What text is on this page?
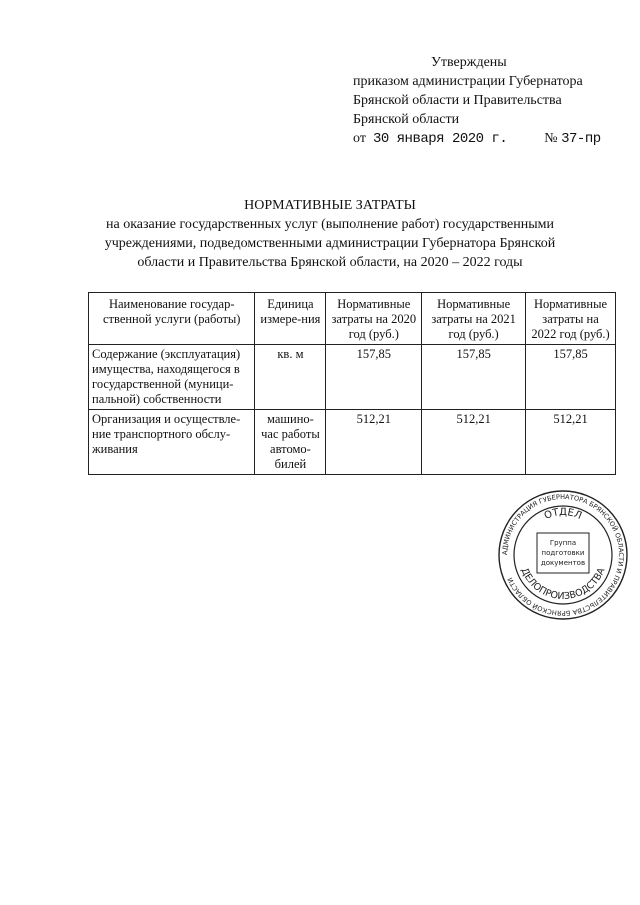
Утверждены
приказом администрации Губернатора
Брянской области и Правительства
Брянской области
от 30 января 2020 г.	№ 37-пр
НОРМАТИВНЫЕ ЗАТРАТЫ
на оказание государственных услуг (выполнение работ) государственными
учреждениями, подведомственными администрации Губернатора Брянской
области и Правительства Брянской области, на 2020 – 2022 годы
Наименование государ-ственной услуги (работы)	Единица измере-ния	Нормативные затраты на 2020 год (руб.)	Нормативные затраты на 2021 год (руб.)	Нормативные затраты на 2022 год (руб.)
Содержание (эксплуатация) имущества, находящегося в государственной (муници-пальной) собственности	кв. м	157,85	157,85	157,85
Организация и осуществле-ние транспортного обслу-живания	машино-час работы автомо-билей	512,21	512,21	512,21
АДМИНИСТРАЦИЯ ГУБЕРНАТОРА БРЯНСКОЙ ОБЛАСТИ И ПРАВИТЕЛЬСТВА БРЯНСКОЙ ОБЛАСТИ
ОТДЕЛ
ДЕЛОПРОИЗВОДСТВА
Группа
подготовки
документов
